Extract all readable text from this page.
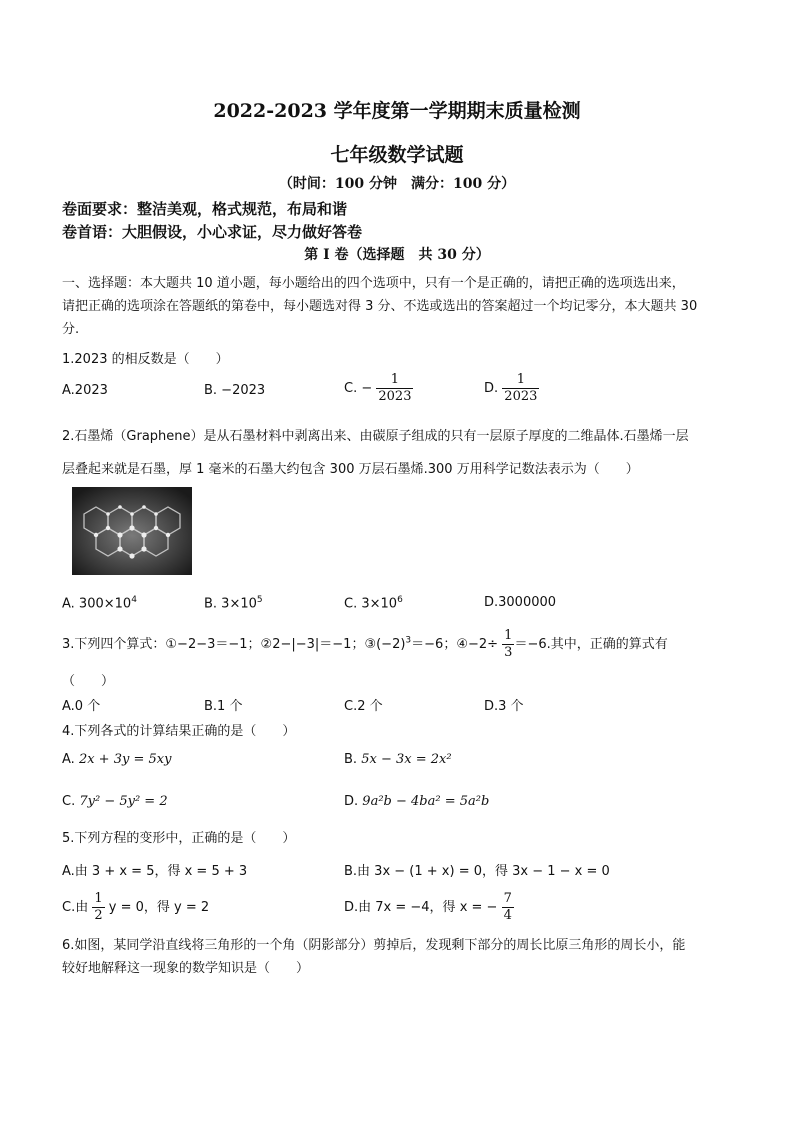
2022-2023 学年度第一学期期末质量检测
七年级数学试题
（时间：100 分钟　满分：100 分）
卷面要求：整洁美观，格式规范，布局和谐
卷首语：大胆假设，小心求证，尽力做好答卷
第 I 卷（选择题　共 30 分）
一、选择题：本大题共 10 道小题，每小题给出的四个选项中，只有一个是正确的，请把正确的选项选出来，
请把正确的选项涂在答题纸的第卷中，每小题选对得 3 分、不选或选出的答案超过一个均记零分，本大题共 30
分.
1.2023 的相反数是（　　）
A.2023	B. −2023	C. − $\frac{1}{2023}$	D. $\frac{1}{2023}$
2.石墨烯（Graphene）是从石墨材料中剥离出来、由碳原子组成的只有一层原子厚度的二维晶体.石墨烯一层
层叠起来就是石墨，厚 1 毫米的石墨大约包含 300 万层石墨烯.300 万用科学记数法表示为（　　）
A. $300\times 10^4$	B. $3\times 10^5$	C. $3\times 10^6$	D.3000000
3.下列四个算式：①−2−3＝−1；②2−|−3|＝−1；$③(-2)^3=-6$；④−2÷ $\frac{1}{3} =-6$.其中，正确的算式有
（　　）
A.0 个	B.1 个	C.2 个	D.3 个
4.下列各式的计算结果正确的是（　　）
A. 2x + 3y = 5xy	B. 5x − 3x = 2x²
C. 7y² − 5y² = 2	D. 9a²b − 4ba² = 5a²b
5.下列方程的变形中，正确的是（　　）
A.由 3 + x = 5，得 x = 5 + 3	B.由 3x − (1 + x) = 0，得 3x − 1 − x = 0
C.由 $\frac{1}{2}$ y = 0，得 y = 2	D.由 7x = −4，得 x = − $\frac{7}{4}$
6.如图，某同学沿直线将三角形的一个角（阴影部分）剪掉后，发现剩下部分的周长比原三角形的周长小，能
较好地解释这一现象的数学知识是（　　）
